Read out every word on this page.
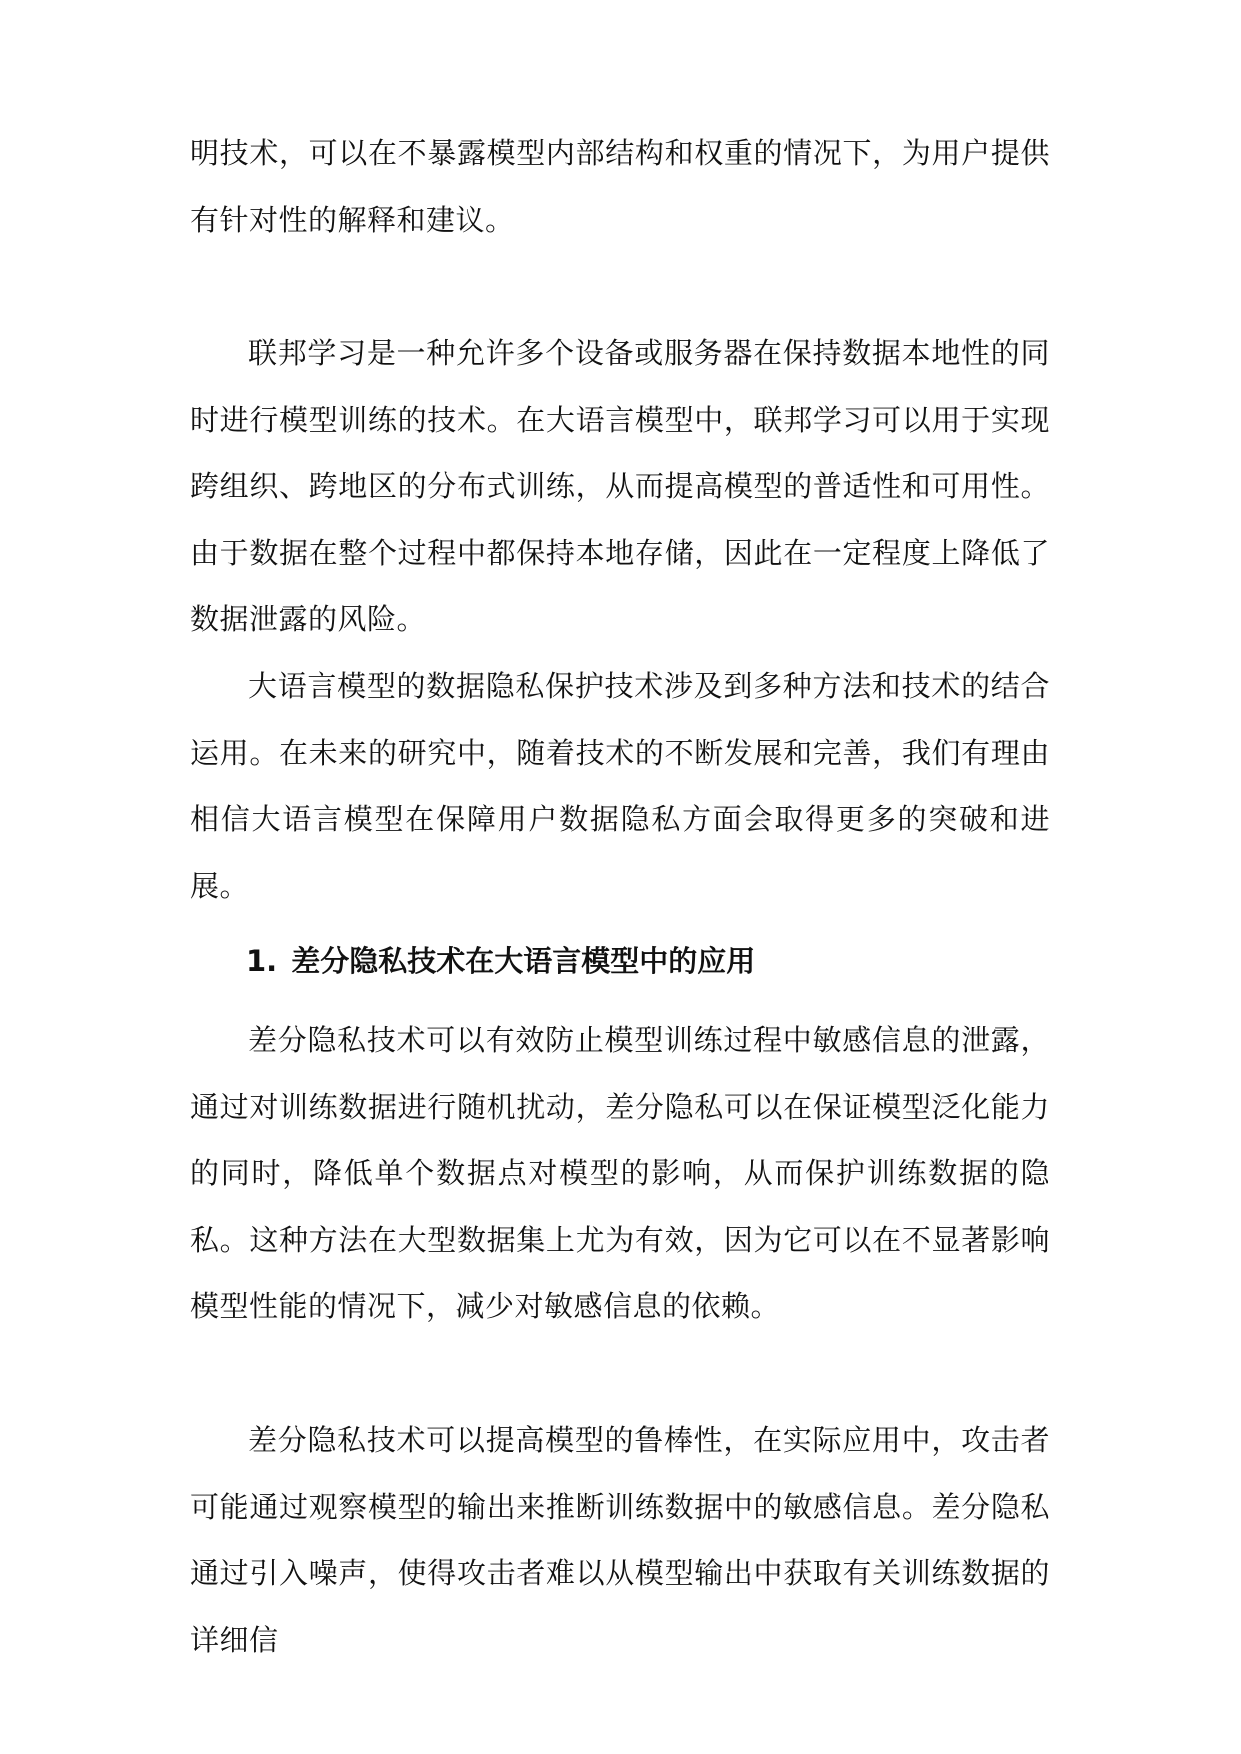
明技术，可以在不暴露模型内部结构和权重的情况下，为用户提供有针对性的解释和建议。

联邦学习是一种允许多个设备或服务器在保持数据本地性的同时进行模型训练的技术。在大语言模型中，联邦学习可以用于实现跨组织、跨地区的分布式训练，从而提高模型的普适性和可用性。由于数据在整个过程中都保持本地存储，因此在一定程度上降低了数据泄露的风险。

大语言模型的数据隐私保护技术涉及到多种方法和技术的结合运用。在未来的研究中，随着技术的不断发展和完善，我们有理由相信大语言模型在保障用户数据隐私方面会取得更多的突破和进展。

1. 差分隐私技术在大语言模型中的应用

差分隐私技术可以有效防止模型训练过程中敏感信息的泄露，通过对训练数据进行随机扰动，差分隐私可以在保证模型泛化能力的同时，降低单个数据点对模型的影响，从而保护训练数据的隐私。这种方法在大型数据集上尤为有效，因为它可以在不显著影响模型性能的情况下，减少对敏感信息的依赖。

差分隐私技术可以提高模型的鲁棒性，在实际应用中，攻击者可能通过观察模型的输出来推断训练数据中的敏感信息。差分隐私通过引入噪声，使得攻击者难以从模型输出中获取有关训练数据的详细信
